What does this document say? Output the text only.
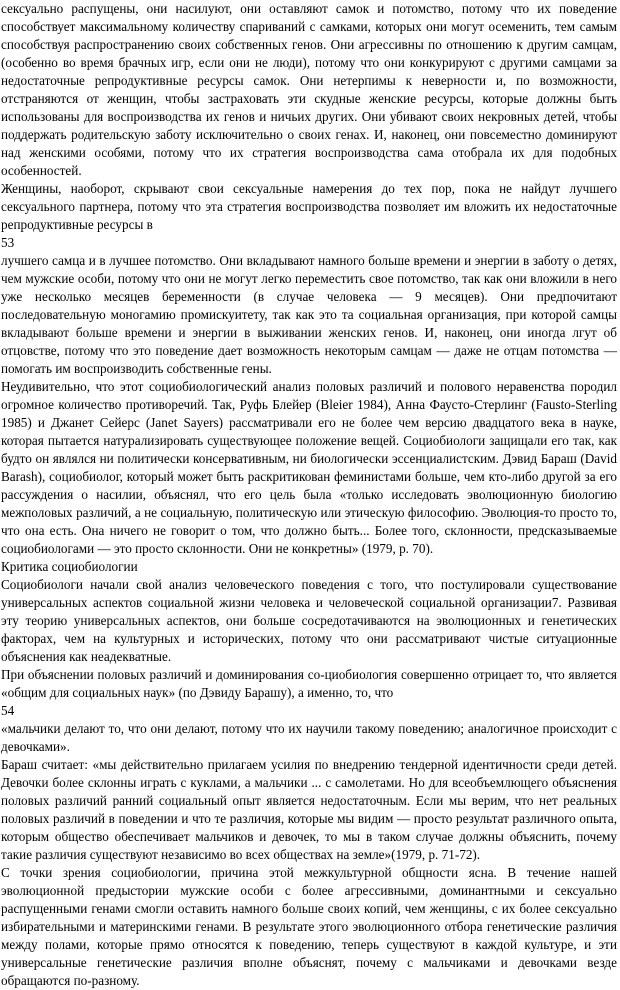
сексуально распущены, они насилуют, они оставляют самок и потомство, потому что их поведение способствует максимальному количеству спариваний с самками, которых они могут осеменить, тем самым способствуя распространению своих собственных генов. Они агрессивны по отношению к другим самцам, (особенно во время брачных игр, если они не люди), потому что они конкурируют с другими самцами за недостаточные репродуктивные ресурсы самок. Они нетерпимы к неверности и, по возможности, отстраняются от женщин, чтобы застраховать эти скудные женские ресурсы, которые должны быть использованы для воспроизводства их генов и ничьих других. Они убивают своих некровных детей, чтобы поддержать родительскую заботу исключительно о своих генах. И, наконец, они повсеместно доминируют над женскими особями, потому что их стратегия воспроизводства сама отобрала их для подобных особенностей.

Женщины, наоборот, скрывают свои сексуальные намерения до тех пор, пока не найдут лучшего сексуального партнера, потому что эта стратегия воспроизводства позволяет им вложить их недостаточные репродуктивные ресурсы в

53

лучшего самца и в лучшее потомство. Они вкладывают намного больше времени и энергии в заботу о детях, чем мужские особи, потому что они не могут легко переместить свое потомство, так как они вложили в него уже несколько месяцев беременности (в случае человека — 9 месяцев). Они предпочитают последовательную моногамию промискуитету, так как это та социальная организация, при которой самцы вкладывают больше времени и энергии в выживании женских генов. И, наконец, они иногда лгут об отцовстве, потому что это поведение дает возможность некоторым самцам — даже не отцам потомства — помогать им воспроизводить собственные гены.

Неудивительно, что этот социобиологический анализ половых различий и полового неравенства породил огромное количество противоречий. Так, Руфь Блейер (Bleier 1984), Анна Фаусто-Стерлинг (Fausto-Sterling 1985) и Джанет Сейерс (Janet Sayers) рассматривали его не более чем версию двадцатого века в науке, которая пытается натурализировать существующее положение вещей. Социобиологи защищали его так, как будто он являлся ни политически консервативным, ни биологически эссенциалистским. Дэвид Бараш (David Barash), социобиолог, который может быть раскритикован феминистами больше, чем кто-либо другой за его рассуждения о насилии, объяснял, что его цель была «только исследовать эволюционную биологию межполовых различий, а не социальную, политическую или этическую философию. Эволюция-то просто то, что она есть. Она ничего не говорит о том, что должно быть... Более того, склонности, предсказываемые социобиологами — это просто склонности. Они не конкретны» (1979, p. 70).

Критика социобиологии

Социобиологи начали свой анализ человеческого поведения с того, что постулировали существование универсальных аспектов социальной жизни человека и человеческой социальной организации7. Развивая эту теорию универсальных аспектов, они больше сосредотачиваются на эволюционных и генетических факторах, чем на культурных и исторических, потому что они рассматривают чистые ситуационные объяснения как неадекватные.

При объяснении половых различий и доминирования со-циобиология совершенно отрицает то, что является «общим для социальных наук» (по Дэвиду Барашу), а именно, то, что

54

«мальчики делают то, что они делают, потому что их научили такому поведению; аналогичное происходит с девочками».

Бараш считает: «мы действительно прилагаем усилия по внедрению тендерной идентичности среди детей. Девочки более склонны играть с куклами, а мальчики ... с самолетами. Но для всеобъемлющего объяснения половых различий ранний социальный опыт является недостаточным. Если мы верим, что нет реальных половых различий в поведении и что те различия, которые мы видим — просто результат различного опыта, которым общество обеспечивает мальчиков и девочек, то мы в таком случае должны объяснить, почему такие различия существуют независимо во всех обществах на земле»(1979, p. 71-72).

С точки зрения социобиологии, причина этой межкультурной общности ясна. В течение нашей эволюционной предыстории мужские особи с более агрессивными, доминантными и сексуально распущенными генами смогли оставить намного больше своих копий, чем женщины, с их более сексуально избирательными и материнскими генами. В результате этого эволюционного отбора генетические различия между полами, которые прямо относятся к поведению, теперь существуют в каждой культуре, и эти универсальные генетические различия вполне объяснят, почему с мальчиками и девочками везде обращаются по-разному.
